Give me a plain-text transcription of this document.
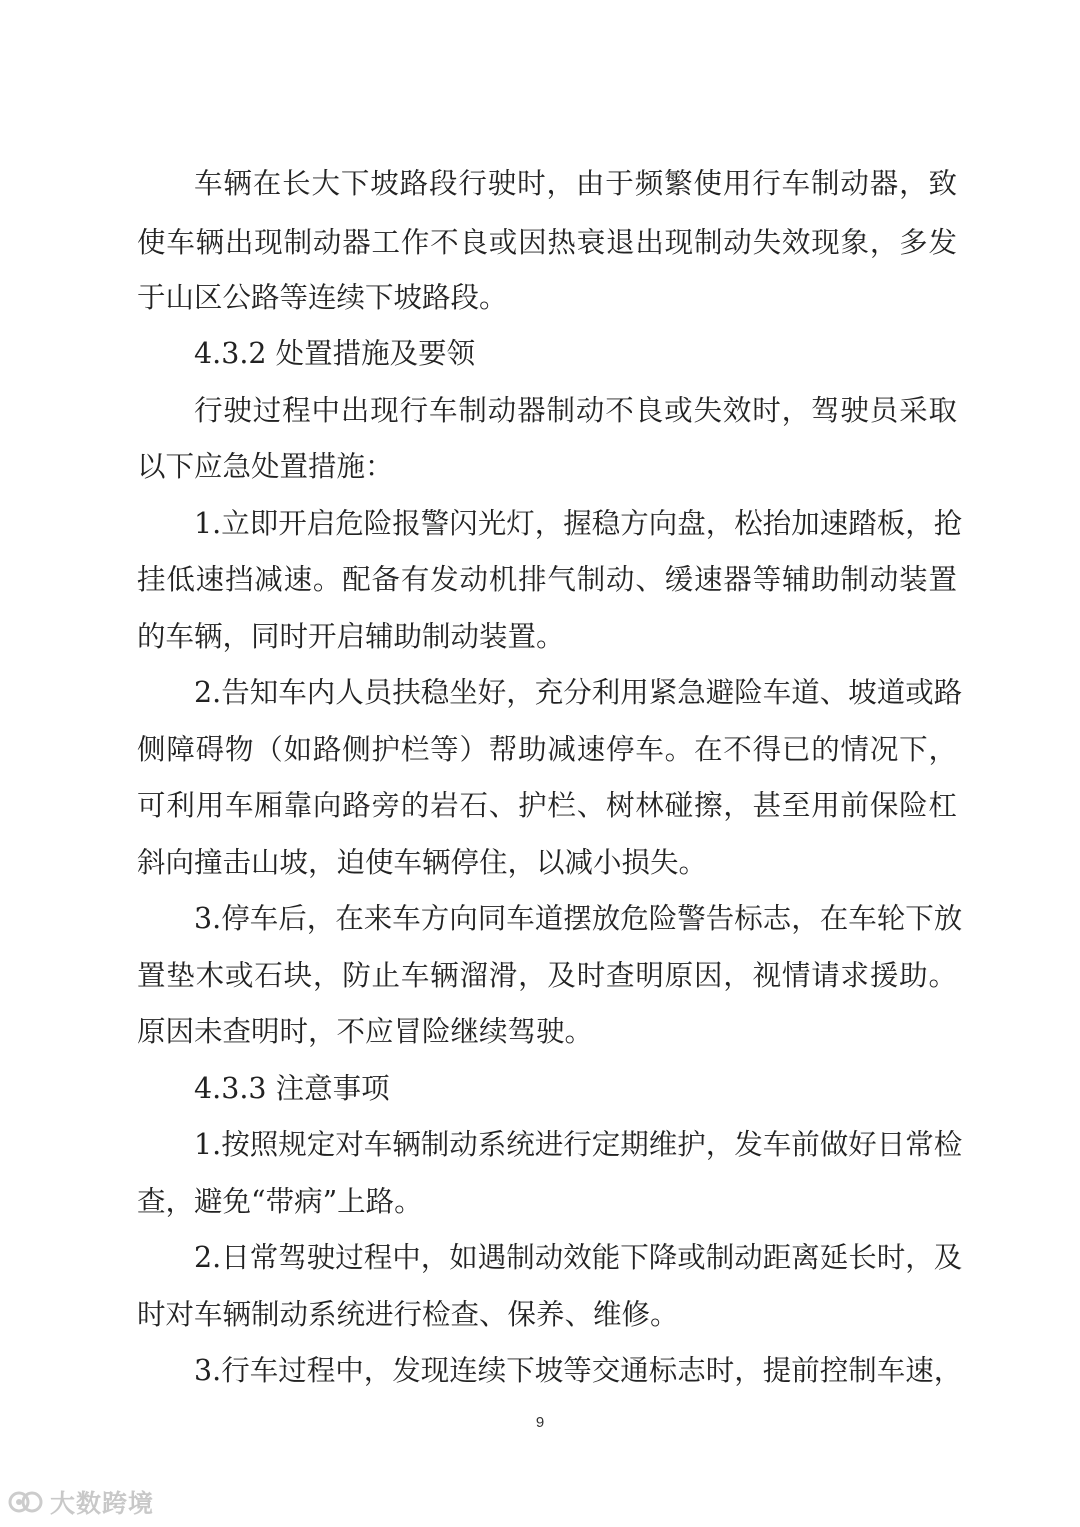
车辆在长大下坡路段行驶时，由于频繁使用行车制动器，致
使车辆出现制动器工作不良或因热衰退出现制动失效现象，多发
于山区公路等连续下坡路段。
4.3.2 处置措施及要领
行驶过程中出现行车制动器制动不良或失效时，驾驶员采取
以下应急处置措施：
1.立即开启危险报警闪光灯，握稳方向盘，松抬加速踏板，抢
挂低速挡减速。配备有发动机排气制动、缓速器等辅助制动装置
的车辆，同时开启辅助制动装置。
2.告知车内人员扶稳坐好，充分利用紧急避险车道、坡道或路
侧障碍物（如路侧护栏等）帮助减速停车。在不得已的情况下，
可利用车厢靠向路旁的岩石、护栏、树林碰擦，甚至用前保险杠
斜向撞击山坡，迫使车辆停住，以减小损失。
3.停车后，在来车方向同车道摆放危险警告标志，在车轮下放
置垫木或石块，防止车辆溜滑，及时查明原因，视情请求援助。
原因未查明时，不应冒险继续驾驶。
4.3.3 注意事项
1.按照规定对车辆制动系统进行定期维护，发车前做好日常检
查，避免“带病”上路。
2.日常驾驶过程中，如遇制动效能下降或制动距离延长时，及
时对车辆制动系统进行检查、保养、维修。
3.行车过程中，发现连续下坡等交通标志时，提前控制车速，
9
大数跨境
